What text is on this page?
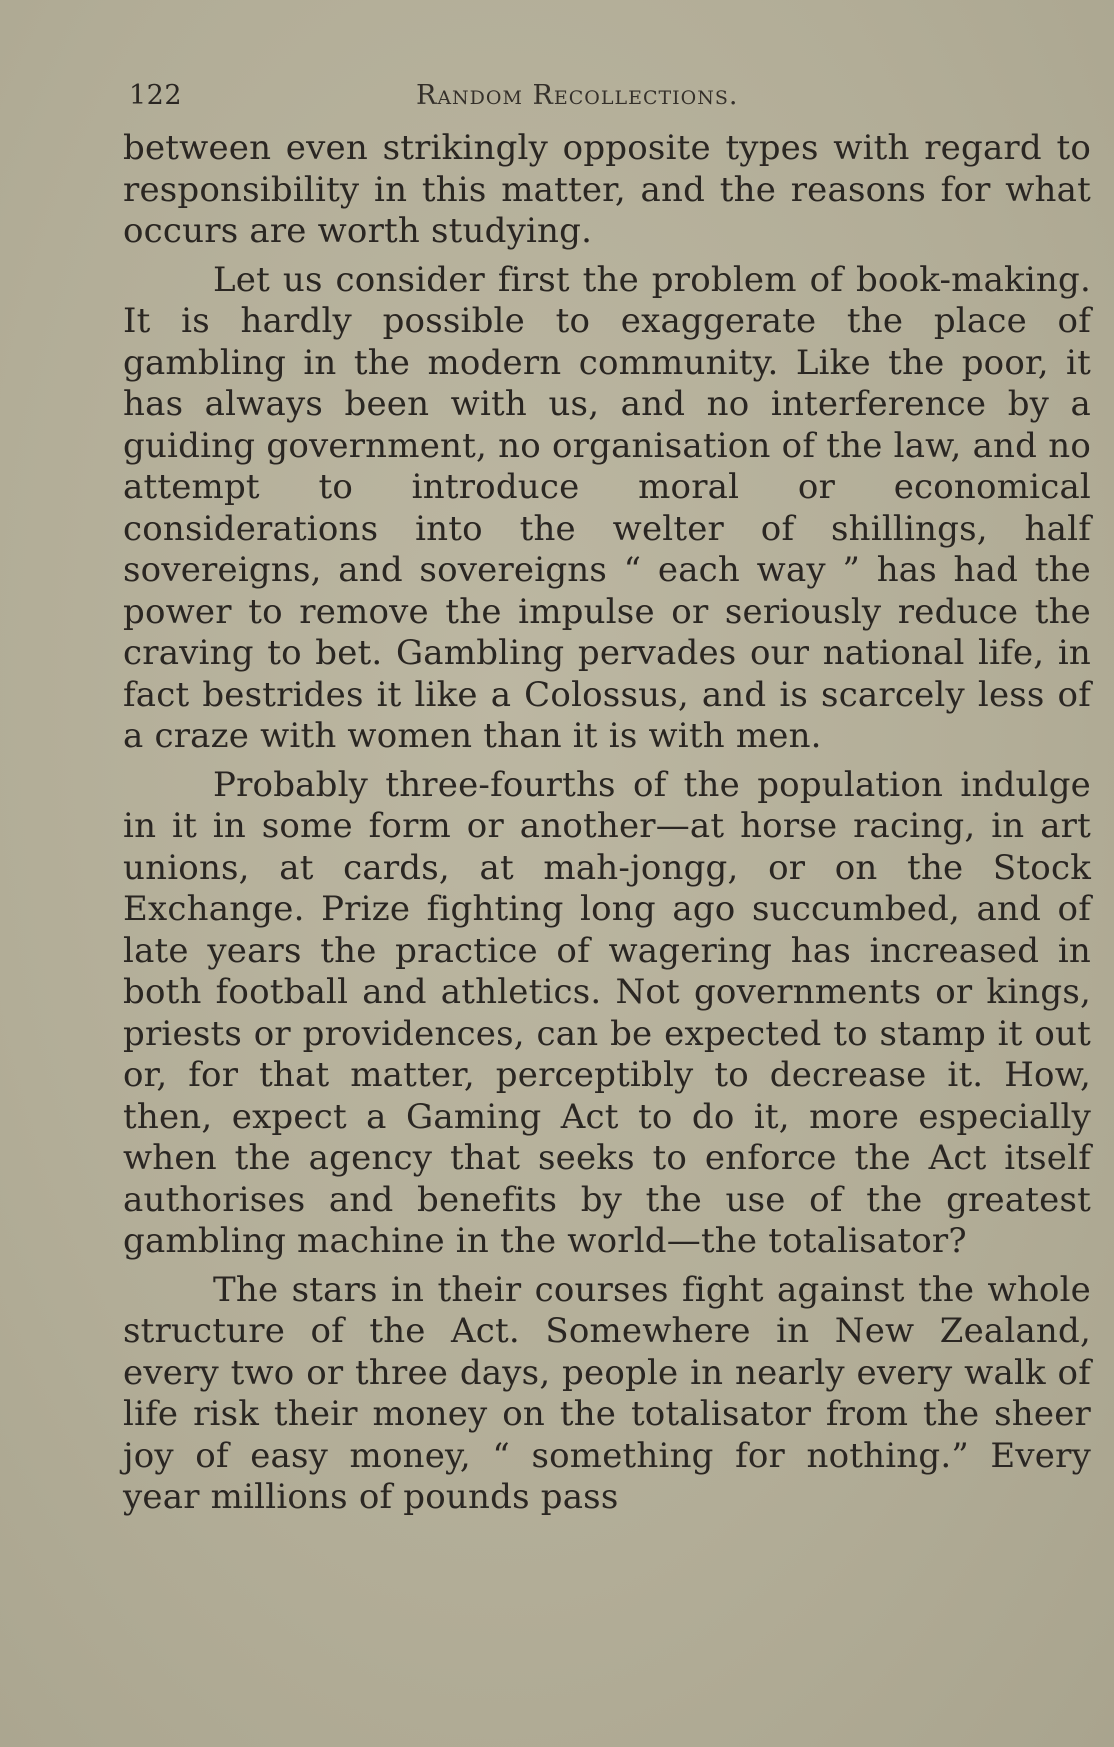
122	Random Recollections.

between even strikingly opposite types with regard to responsibility in this matter, and the reasons for what occurs are worth studying.

Let us consider first the problem of book-making. It is hardly possible to exaggerate the place of gambling in the modern community. Like the poor, it has always been with us, and no interference by a guiding government, no organisation of the law, and no attempt to introduce moral or economical considerations into the welter of shillings, half sovereigns, and sovereigns “ each way ” has had the power to remove the impulse or seriously reduce the craving to bet. Gambling pervades our national life, in fact bestrides it like a Colossus, and is scarcely less of a craze with women than it is with men.

Probably three-fourths of the population indulge in it in some form or another—at horse racing, in art unions, at cards, at mah-jongg, or on the Stock Exchange. Prize fighting long ago succumbed, and of late years the practice of wagering has increased in both football and athletics. Not governments or kings, priests or providences, can be expected to stamp it out or, for that matter, perceptibly to decrease it. How, then, expect a Gaming Act to do it, more especially when the agency that seeks to enforce the Act itself authorises and benefits by the use of the greatest gambling machine in the world—the totalisator?

The stars in their courses fight against the whole structure of the Act. Somewhere in New Zealand, every two or three days, people in nearly every walk of life risk their money on the totalisator from the sheer joy of easy money, “ something for nothing.” Every year millions of pounds pass
